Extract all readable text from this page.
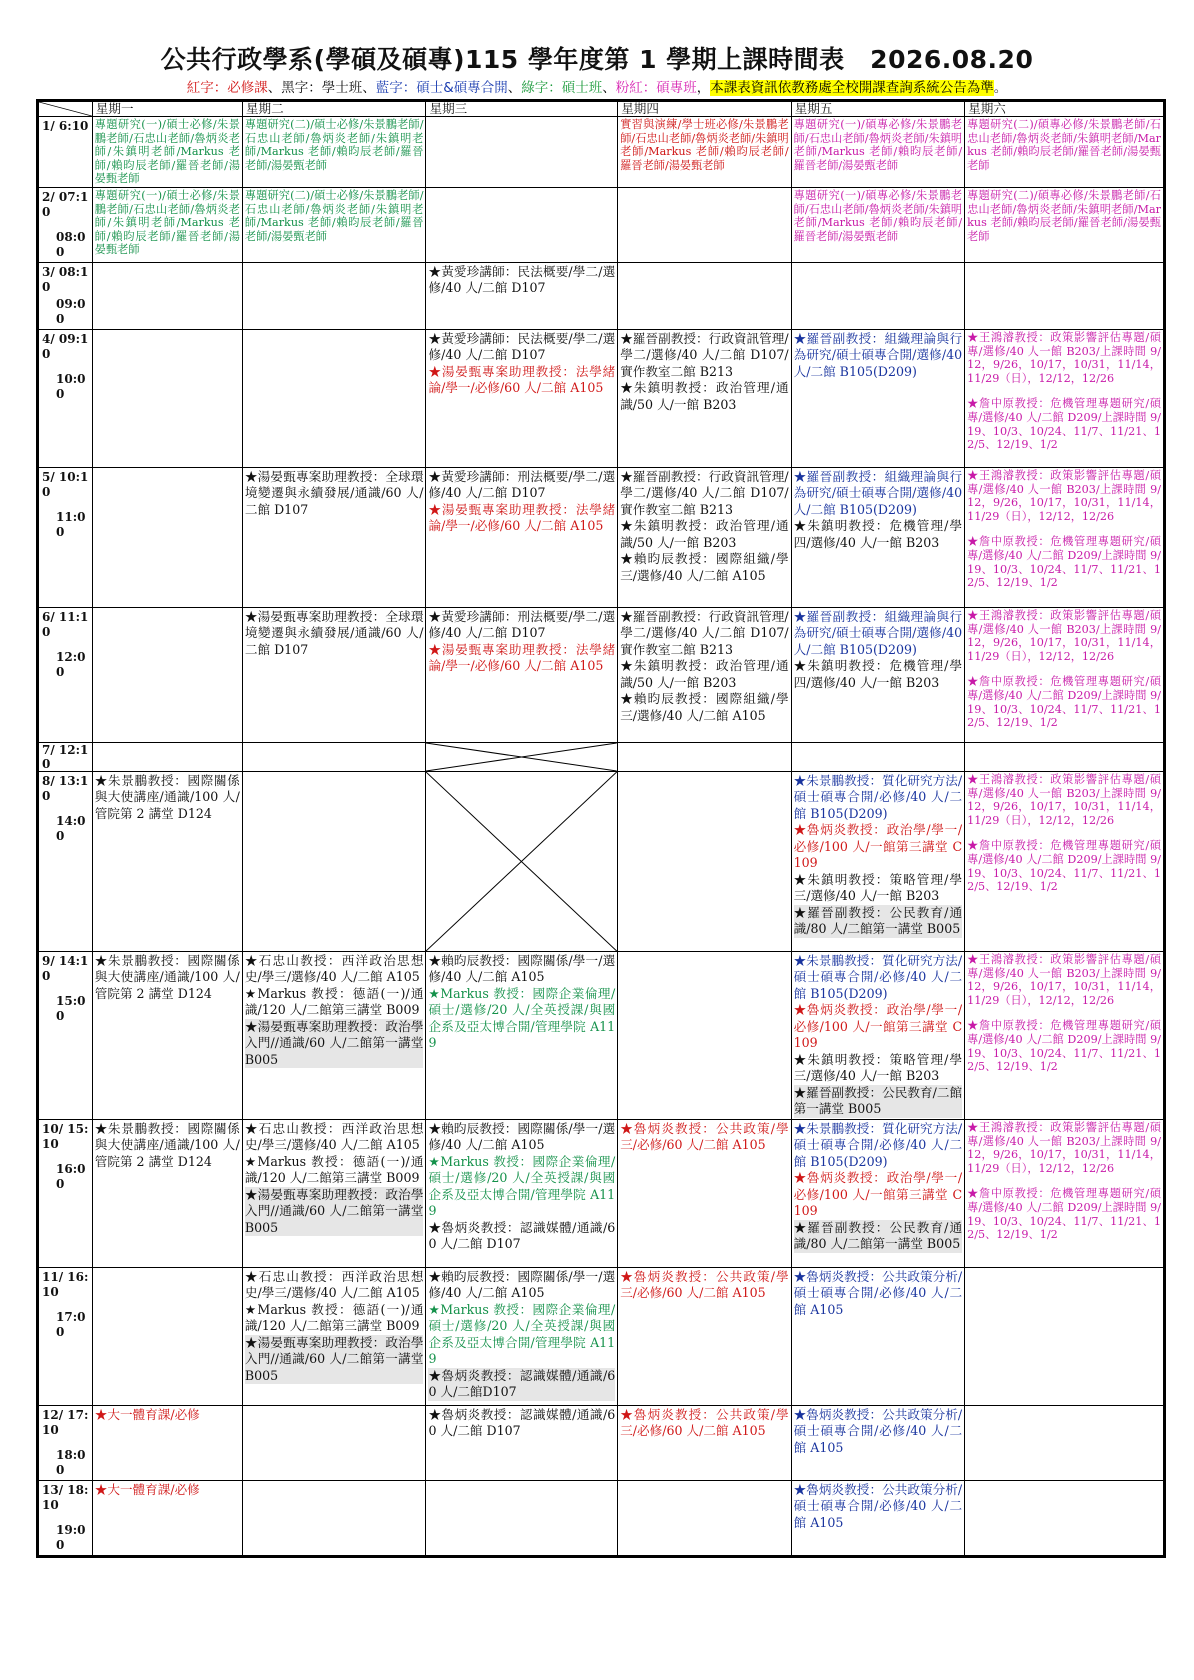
公共行政學系(學碩及碩專)115 學年度第 1 學期上課時間表　2026.08.20
紅字：必修課、黑字：學士班、藍字：碩士&碩專合開、綠字：碩士班、粉紅：碩專班，本課表資訊依教務處全校開課查詢系統公告為準。
	星期一	星期二	星期三	星期四	星期五	星期六

1/ 6:10	專題研究(一)/碩士必修/朱景鵬老師/石忠山老師/魯炳炎老師/朱鎮明老師/Markus 老師/賴昀辰老師/羅晉老師/湯晏甄老師	專題研究(二)/碩士必修/朱景鵬老師/石忠山老師/魯炳炎老師/朱鎮明老師/Markus 老師/賴昀辰老師/羅晉老師/湯晏甄老師		實習與演練/學士班必修/朱景鵬老師/石忠山老師/魯炳炎老師/朱鎮明老師/Markus 老師/賴昀辰老師/羅晉老師/湯晏甄老師	專題研究(一)/碩專必修/朱景鵬老師/石忠山老師/魯炳炎老師/朱鎮明老師/Markus 老師/賴昀辰老師/羅晉老師/湯晏甄老師	專題研究(二)/碩專必修/朱景鵬老師/石忠山老師/魯炳炎老師/朱鎮明老師/Markus 老師/賴昀辰老師/羅晉老師/湯晏甄老師

2/ 07:10
08:00	專題研究(一)/碩士必修/朱景鵬老師/石忠山老師/魯炳炎老師/朱鎮明老師/Markus 老師/賴昀辰老師/羅晉老師/湯晏甄老師	專題研究(二)/碩士必修/朱景鵬老師/石忠山老師/魯炳炎老師/朱鎮明老師/Markus 老師/賴昀辰老師/羅晉老師/湯晏甄老師			專題研究(一)/碩專必修/朱景鵬老師/石忠山老師/魯炳炎老師/朱鎮明老師/Markus 老師/賴昀辰老師/羅晉老師/湯晏甄老師	專題研究(二)/碩專必修/朱景鵬老師/石忠山老師/魯炳炎老師/朱鎮明老師/Markus 老師/賴昀辰老師/羅晉老師/湯晏甄老師

3/ 08:10
09:00			★黃愛珍講師：民法概要/學二/選修/40 人/二館 D107			

4/ 09:10
10:00			★黃愛珍講師：民法概要/學二/選修/40 人/二館 D107
★湯晏甄專案助理教授：法學緒論/學一/必修/60 人/二館 A105	★羅晉副教授：行政資訊管理/學二/選修/40 人/二館 D107/實作教室二館 B213
★朱鎮明教授：政治管理/通識/50 人/一館 B203	★羅晉副教授：組織理論與行為研究/碩士碩專合開/選修/40 人/二館 B105(D209)	★王鴻濬教授：政策影響評估專題/碩專/選修/40 人一館 B203/上課時間 9/12，9/26，10/17，10/31，11/14，11/29（日），12/12，12/26
★詹中原教授：危機管理專題研究/碩專/選修/40 人/二館 D209/上課時間 9/19、10/3、10/24、11/7、11/21、12/5、12/19、1/2

5/ 10:10
11:00		★湯晏甄專案助理教授：全球環境變遷與永續發展/通識/60 人/二館 D107	★黃愛珍講師：刑法概要/學二/選修/40 人/二館 D107
★湯晏甄專案助理教授：法學緒論/學一/必修/60 人/二館 A105	★羅晉副教授：行政資訊管理/學二/選修/40 人/二館 D107/實作教室二館 B213
★朱鎮明教授：政治管理/通識/50 人/一館 B203
★賴昀辰教授：國際組織/學三/選修/40 人/二館 A105	★羅晉副教授：組織理論與行為研究/碩士碩專合開/選修/40 人/二館 B105(D209)
★朱鎮明教授：危機管理/學四/選修/40 人/一館 B203	★王鴻濬教授：政策影響評估專題/碩專/選修/40 人一館 B203/上課時間 9/12，9/26，10/17，10/31，11/14，11/29（日），12/12，12/26
★詹中原教授：危機管理專題研究/碩專/選修/40 人/二館 D209/上課時間 9/19、10/3、10/24、11/7、11/21、12/5、12/19、1/2

6/ 11:10
12:00		★湯晏甄專案助理教授：全球環境變遷與永續發展/通識/60 人/二館 D107	★黃愛珍講師：刑法概要/學二/選修/40 人/二館 D107
★湯晏甄專案助理教授：法學緒論/學一/必修/60 人/二館 A105	★羅晉副教授：行政資訊管理/學二/選修/40 人/二館 D107/實作教室二館 B213
★朱鎮明教授：政治管理/通識/50 人/一館 B203
★賴昀辰教授：國際組織/學三/選修/40 人/二館 A105	★羅晉副教授：組織理論與行為研究/碩士碩專合開/選修/40 人/二館 B105(D209)
★朱鎮明教授：危機管理/學四/選修/40 人/一館 B203	★王鴻濬教授：政策影響評估專題/碩專/選修/40 人一館 B203/上課時間 9/12，9/26，10/17，10/31，11/14，11/29（日），12/12，12/26
★詹中原教授：危機管理專題研究/碩專/選修/40 人/二館 D209/上課時間 9/19、10/3、10/24、11/7、11/21、12/5、12/19、1/2

7/ 12:10

8/ 13:10
14:00	★朱景鵬教授：國際關係與大使講座/通識/100 人/管院第 2 講堂 D124				★朱景鵬教授：質化研究方法/碩士碩專合開/必修/40 人/二館 B105(D209)
★魯炳炎教授：政治學/學一/必修/100 人/一館第三講堂 C109
★朱鎮明教授：策略管理/學三/選修/40 人/一館 B203
★羅晉副教授：公民教育/通識/80 人/二館第一講堂 B005	★王鴻濬教授：政策影響評估專題/碩專/選修/40 人一館 B203/上課時間 9/12，9/26，10/17，10/31，11/14，11/29（日），12/12，12/26
★詹中原教授：危機管理專題研究/碩專/選修/40 人/二館 D209/上課時間 9/19、10/3、10/24、11/7、11/21、12/5、12/19、1/2

9/ 14:10
15:00	★朱景鵬教授：國際關係與大使講座/通識/100 人/管院第 2 講堂 D124	★石忠山教授：西洋政治思想史/學三/選修/40 人/二館 A105
★Markus 教授：德語(一)/通識/120 人/二館第三講堂 B009
★湯晏甄專案助理教授：政治學入門//通識/60 人/二館第一講堂 B005	★賴昀辰教授：國際關係/學一/選修/40 人/二館 A105
★Markus 教授：國際企業倫理/碩士/選修/20 人/全英授課/與國企系及亞太博合開/管理學院 A119		★朱景鵬教授：質化研究方法/碩士碩專合開/必修/40 人/二館 B105(D209)
★魯炳炎教授：政治學/學一/必修/100 人/一館第三講堂 C109
★朱鎮明教授：策略管理/學三/選修/40 人/一館 B203
★羅晉副教授：公民教育/二館第一講堂 B005	★王鴻濬教授：政策影響評估專題/碩專/選修/40 人一館 B203/上課時間 9/12，9/26，10/17，10/31，11/14，11/29（日），12/12，12/26
★詹中原教授：危機管理專題研究/碩專/選修/40 人/二館 D209/上課時間 9/19、10/3、10/24、11/7、11/21、12/5、12/19、1/2

10/ 15:10
16:00	★朱景鵬教授：國際關係與大使講座/通識/100 人/管院第 2 講堂 D124	★石忠山教授：西洋政治思想史/學三/選修/40 人/二館 A105
★Markus 教授：德語(一)/通識/120 人/二館第三講堂 B009
★湯晏甄專案助理教授：政治學入門//通識/60 人/二館第一講堂 B005	★賴昀辰教授：國際關係/學一/選修/40 人/二館 A105
★Markus 教授：國際企業倫理/碩士/選修/20 人/全英授課/與國企系及亞太博合開/管理學院 A119
★魯炳炎教授：認識媒體/通識/60 人/二館 D107	★魯炳炎教授：公共政策/學三/必修/60 人/二館 A105	★朱景鵬教授：質化研究方法/碩士碩專合開/必修/40 人/二館 B105(D209)
★魯炳炎教授：政治學/學一/必修/100 人/一館第三講堂 C109
★羅晉副教授：公民教育/通識/80 人/二館第一講堂 B005	★王鴻濬教授：政策影響評估專題/碩專/選修/40 人一館 B203/上課時間 9/12，9/26，10/17，10/31，11/14，11/29（日），12/12，12/26
★詹中原教授：危機管理專題研究/碩專/選修/40 人/二館 D209/上課時間 9/19、10/3、10/24、11/7、11/21、12/5、12/19、1/2

11/ 16:10
17:00		★石忠山教授：西洋政治思想史/學三/選修/40 人/二館 A105
★Markus 教授：德語(一)/通識/120 人/二館第三講堂 B009
★湯晏甄專案助理教授：政治學入門//通識/60 人/二館第一講堂 B005	★賴昀辰教授：國際關係/學一/選修/40 人/二館 A105
★Markus 教授：國際企業倫理/碩士/選修/20 人/全英授課/與國企系及亞太博合開/管理學院 A119
★魯炳炎教授：認識媒體/通識/60 人/二館D107	★魯炳炎教授：公共政策/學三/必修/60 人/二館 A105	★魯炳炎教授：公共政策分析/碩士碩專合開/必修/40 人/二館 A105	

12/ 17:10
18:00	★大一體育課/必修		★魯炳炎教授：認識媒體/通識/60 人/二館 D107	★魯炳炎教授：公共政策/學三/必修/60 人/二館 A105	★魯炳炎教授：公共政策分析/碩士碩專合開/必修/40 人/二館 A105	

13/ 18:10
19:00	★大一體育課/必修				★魯炳炎教授：公共政策分析/碩士碩專合開/必修/40 人/二館 A105	
